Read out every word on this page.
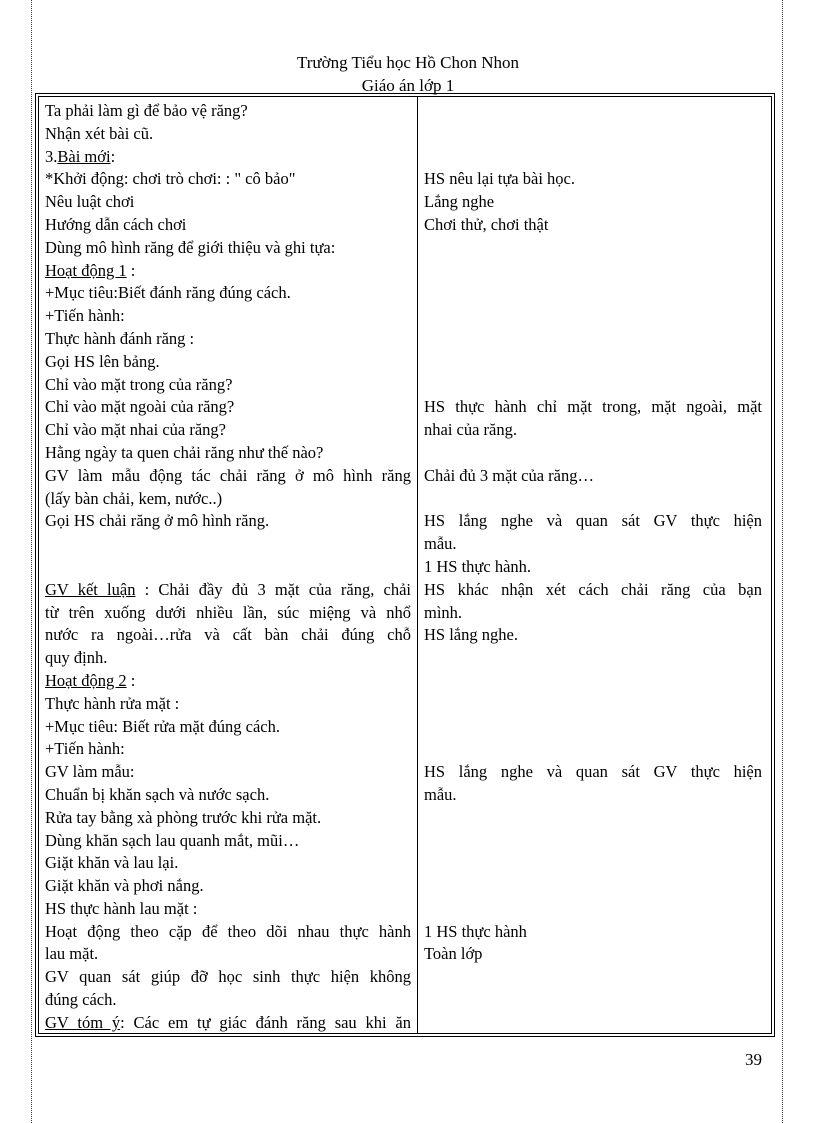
Trường Tiểu học Hồ Chon Nhon
Giáo án lớp 1
Ta phải làm gì để bảo vệ răng?
Nhận xét bài cũ.
3.Bài mới:
*Khởi động: chơi trò chơi: : " cô bảo"
Nêu luật chơi
Hướng dẫn cách chơi
Dùng mô hình răng để giới thiệu và ghi tựa:
Hoạt động 1 :
+Mục tiêu:Biết đánh răng đúng cách.
+Tiến hành:
Thực hành đánh răng :
Gọi HS lên bảng.
Chỉ vào mặt trong của răng?
Chỉ vào mặt ngoài của răng?
Chỉ vào mặt nhai của răng?
Hằng ngày ta quen chải răng như thế nào?
GV làm mẫu động tác chải răng ở mô hình răng
(lấy bàn chải, kem, nước..)
Gọi HS chải răng ở mô hình răng.
GV kết luận : Chải đầy đủ 3 mặt của răng, chải
từ trên xuống dưới nhiều lần, súc miệng và nhổ
nước ra ngoài…rửa và cất bàn chải đúng chỗ
quy định.
Hoạt động 2 :
Thực hành rửa mặt :
+Mục tiêu: Biết rửa mặt đúng cách.
+Tiến hành:
GV làm mẫu:
Chuẩn bị khăn sạch và nước sạch.
Rửa tay bằng xà phòng trước khi rửa mặt.
Dùng khăn sạch lau quanh mắt, mũi…
Giặt khăn và lau lại.
Giặt khăn và phơi nắng.
HS thực hành lau mặt :
Hoạt động theo cặp để theo dõi nhau thực hành
lau mặt.
GV quan sát giúp đỡ học sinh thực hiện không
đúng cách.
GV tóm ý: Các em tự giác đánh răng sau khi ăn
HS nêu lại tựa bài học.
Lắng nghe
Chơi thử, chơi thật
HS thực hành chỉ mặt trong, mặt ngoài, mặt
nhai của răng.
Chải đủ 3 mặt của răng…
HS lắng nghe và quan sát GV thực hiện
mẫu.
1 HS thực hành.
HS khác nhận xét cách chải răng của bạn
mình.
HS lắng nghe.
HS lắng nghe và quan sát GV thực hiện
mẫu.
1 HS thực hành
Toàn lớp
39
